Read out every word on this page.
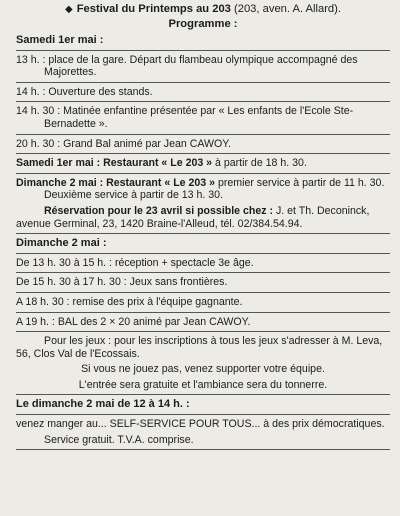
◆ Festival du Printemps au 203 (203, aven. A. Allard).
Programme :
Samedi 1er mai :
13 h. : place de la gare. Départ du flambeau olympique accompagné des Majorettes.
14 h. : Ouverture des stands.
14 h. 30 : Matinée enfantine présentée par « Les enfants de l'Ecole Ste-Bernadette ».
20 h. 30 : Grand Bal animé par Jean CAWOY.
Samedi 1er mai : Restaurant « Le 203 » à partir de 18 h. 30.
Dimanche 2 mai : Restaurant « Le 203 » premier service à partir de 11 h. 30. Deuxième service à partir de 13 h. 30.
Réservation pour le 23 avril si possible chez : J. et Th. Deconinck, avenue Germinal, 23, 1420 Braine-l'Alleud, tél. 02/384.54.94.
Dimanche 2 mai :
De 13 h. 30 à 15 h. : réception + spectacle 3e âge.
De 15 h. 30 à 17 h. 30 : Jeux sans frontières.
A 18 h. 30 : remise des prix à l'équipe gagnante.
A 19 h. : BAL des 2 × 20 animé par Jean CAWOY.
Pour les jeux : pour les inscriptions à tous les jeux s'adresser à M. Leva, 56, Clos Val de l'Ecossais.
Si vous ne jouez pas, venez supporter votre équipe.
L'entrée sera gratuite et l'ambiance sera du tonnerre.
Le dimanche 2 mai de 12 à 14 h. :
venez manger au... SELF-SERVICE POUR TOUS... à des prix démocratiques.
Service gratuit. T.V.A. comprise.
